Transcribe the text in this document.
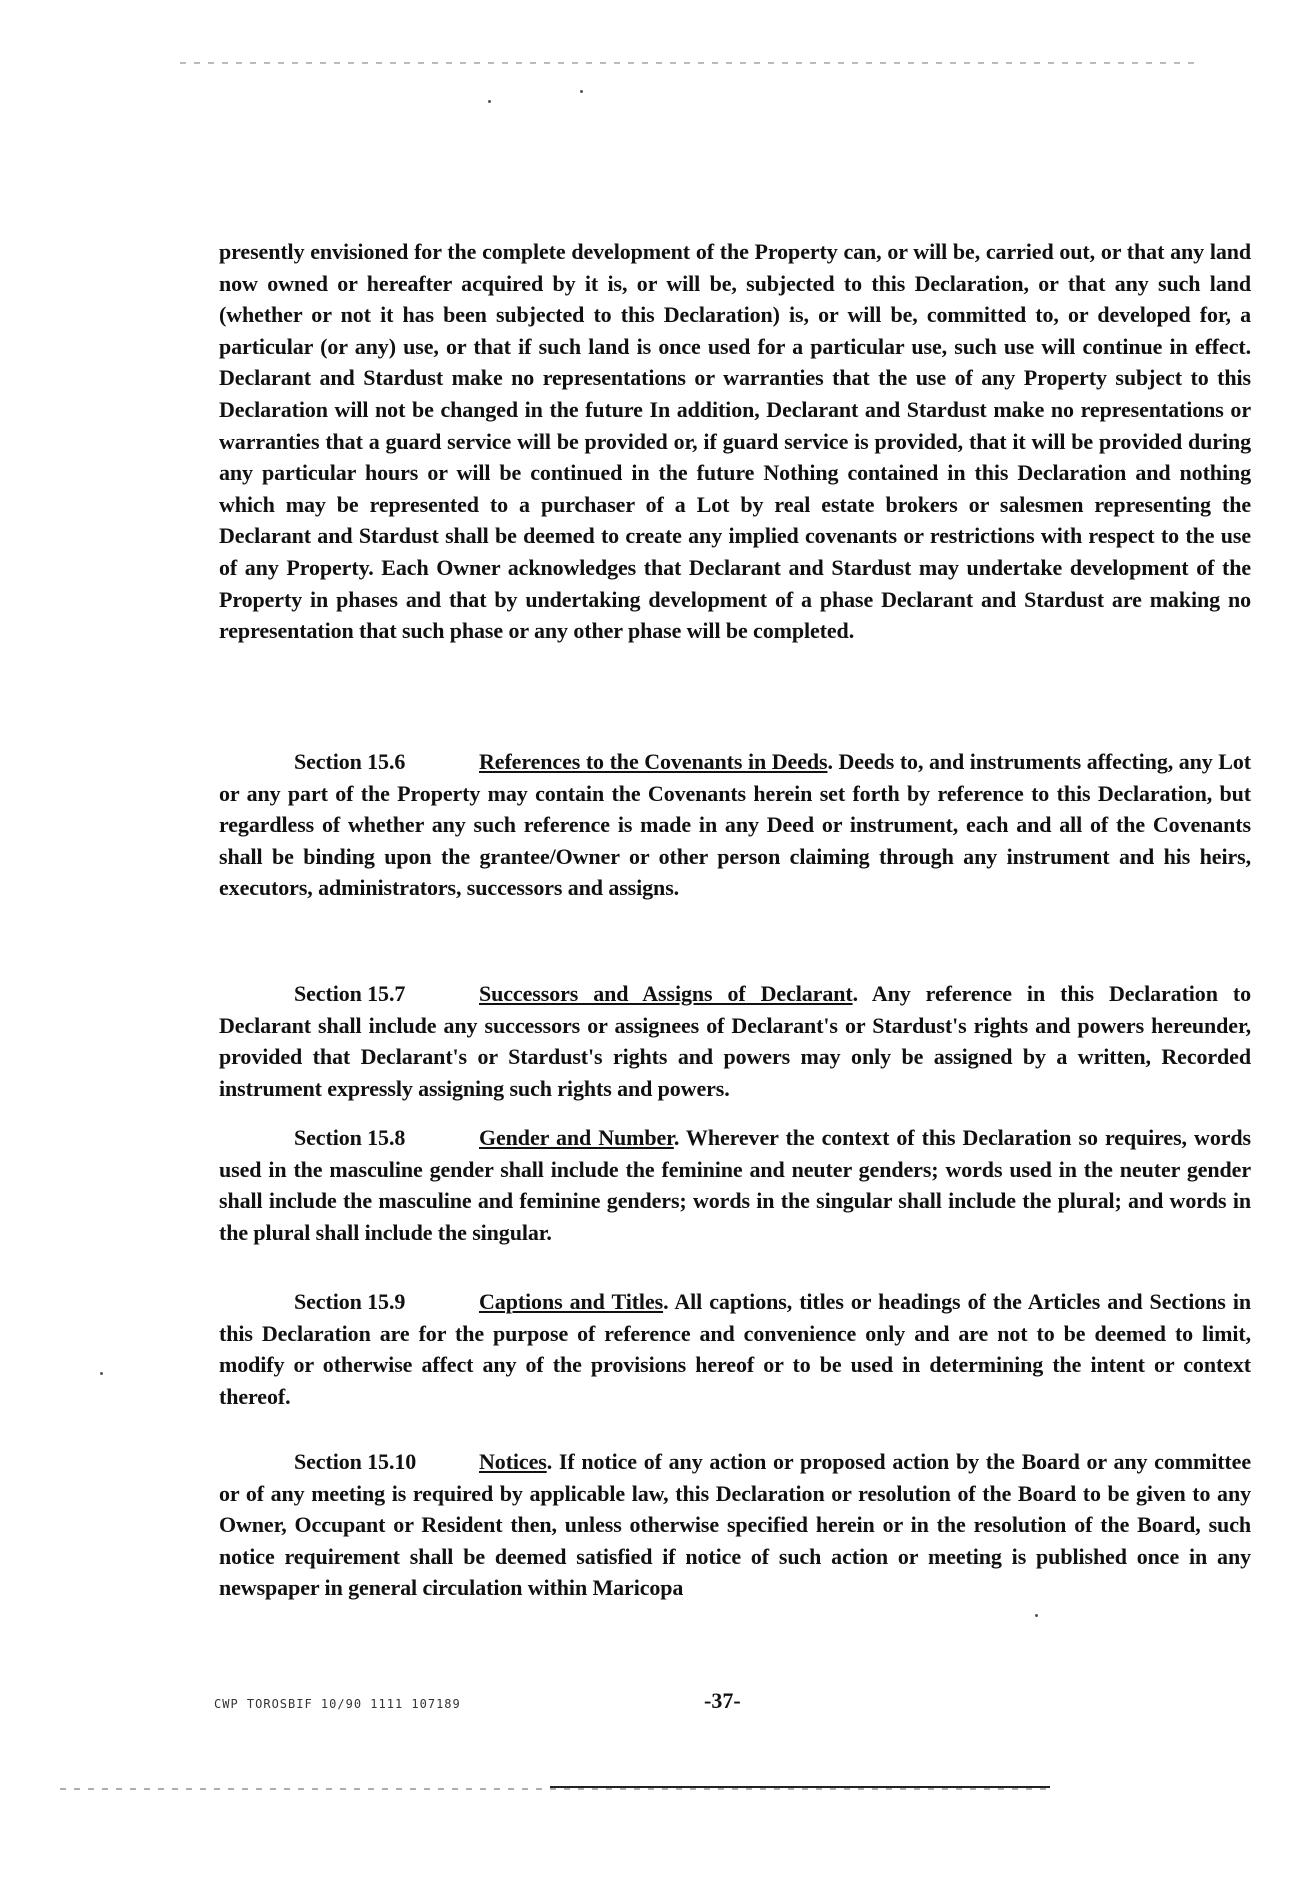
presently envisioned for the complete development of the Property can, or will be, carried out, or that any land now owned or hereafter acquired by it is, or will be, subjected to this Declaration, or that any such land (whether or not it has been subjected to this Declaration) is, or will be, committed to, or developed for, a particular (or any) use, or that if such land is once used for a particular use, such use will continue in effect. Declarant and Stardust make no representations or warranties that the use of any Property subject to this Declaration will not be changed in the future In addition, Declarant and Stardust make no representations or warranties that a guard service will be provided or, if guard service is provided, that it will be provided during any particular hours or will be continued in the future Nothing contained in this Declaration and nothing which may be represented to a purchaser of a Lot by real estate brokers or salesmen representing the Declarant and Stardust shall be deemed to create any implied covenants or restrictions with respect to the use of any Property. Each Owner acknowledges that Declarant and Stardust may undertake development of the Property in phases and that by undertaking development of a phase Declarant and Stardust are making no representation that such phase or any other phase will be completed.

Section 15.6	References to the Covenants in Deeds. Deeds to, and instruments affecting, any Lot or any part of the Property may contain the Covenants herein set forth by reference to this Declaration, but regardless of whether any such reference is made in any Deed or instrument, each and all of the Covenants shall be binding upon the grantee/Owner or other person claiming through any instrument and his heirs, executors, administrators, successors and assigns.

Section 15.7	Successors and Assigns of Declarant. Any reference in this Declaration to Declarant shall include any successors or assignees of Declarant's or Stardust's rights and powers hereunder, provided that Declarant's or Stardust's rights and powers may only be assigned by a written, Recorded instrument expressly assigning such rights and powers.

Section 15.8	Gender and Number. Wherever the context of this Declaration so requires, words used in the masculine gender shall include the feminine and neuter genders; words used in the neuter gender shall include the masculine and feminine genders; words in the singular shall include the plural; and words in the plural shall include the singular.

Section 15.9	Captions and Titles. All captions, titles or headings of the Articles and Sections in this Declaration are for the purpose of reference and convenience only and are not to be deemed to limit, modify or otherwise affect any of the provisions hereof or to be used in determining the intent or context thereof.

Section 15.10	Notices. If notice of any action or proposed action by the Board or any committee or of any meeting is required by applicable law, this Declaration or resolution of the Board to be given to any Owner, Occupant or Resident then, unless otherwise specified herein or in the resolution of the Board, such notice requirement shall be deemed satisfied if notice of such action or meeting is published once in any newspaper in general circulation within Maricopa

CWP TOROSBIF 10/90 1111 107189	-37-
